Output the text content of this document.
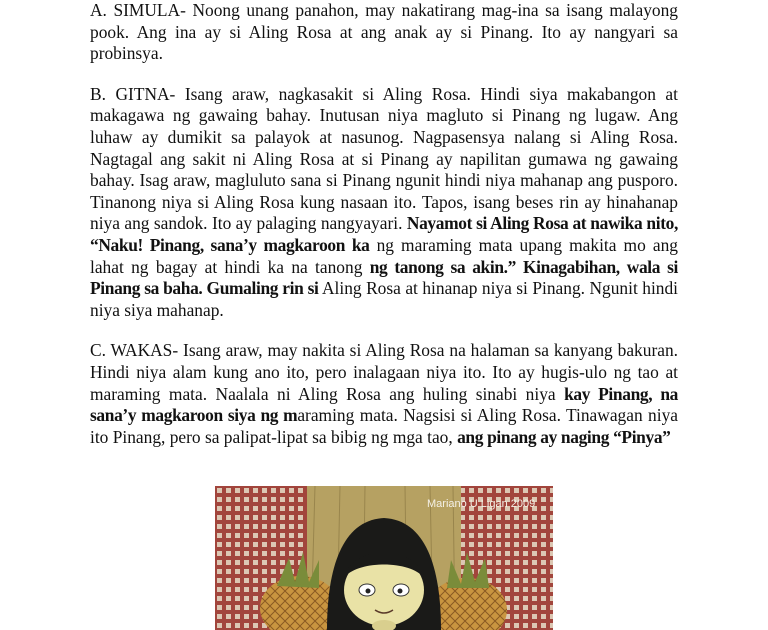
A. SIMULA- Noong unang panahon, may nakatirang mag-ina sa isang malayong pook. Ang ina ay si Aling Rosa at ang anak ay si Pinang. Ito ay nangyari sa probinsya.

B. GITNA- Isang araw, nagkasakit si Aling Rosa. Hindi siya makabangon at makagawa ng gawaing bahay. Inutusan niya magluto si Pinang ng lugaw. Ang luhaw ay dumikit sa palayok at nasunog. Nagpasensya nalang si Aling Rosa. Nagtagal ang sakit ni Aling Rosa at si Pinang ay napilitan gumawa ng gawaing bahay. Isag araw, magluluto sana si Pinang ngunit hindi niya mahanap ang pusporo. Tinanong niya si Aling Rosa kung nasaan ito. Tapos, isang beses rin ay hinahanap niya ang sandok. Ito ay palaging nangyayari. Nayamot si Aling Rosa at nawika nito, “Naku! Pinang, sana’y magkaroon ka ng maraming mata upang makita mo ang lahat ng bagay at hindi ka na tanong ng tanong sa akin.” Kinagabihan, wala si Pinang sa baha. Gumaling rin si Aling Rosa at hinanap niya si Pinang. Ngunit hindi niya siya mahanap.

C. WAKAS- Isang araw, may nakita si Aling Rosa na halaman sa kanyang bakuran. Hindi niya alam kung ano ito, pero inalagaan niya ito. Ito ay hugis-ulo ng tao at maraming mata. Naalala ni Aling Rosa ang huling sinabi niya kay Pinang, na sana’y magkaroon siya ng maraming mata. Nagsisi si Aling Rosa. Tinawagan niya ito Pinang, pero sa palipat-lipat sa bibig ng mga tao, ang pinang ay naging “Pinya”

Mariano U Ligan 2009
